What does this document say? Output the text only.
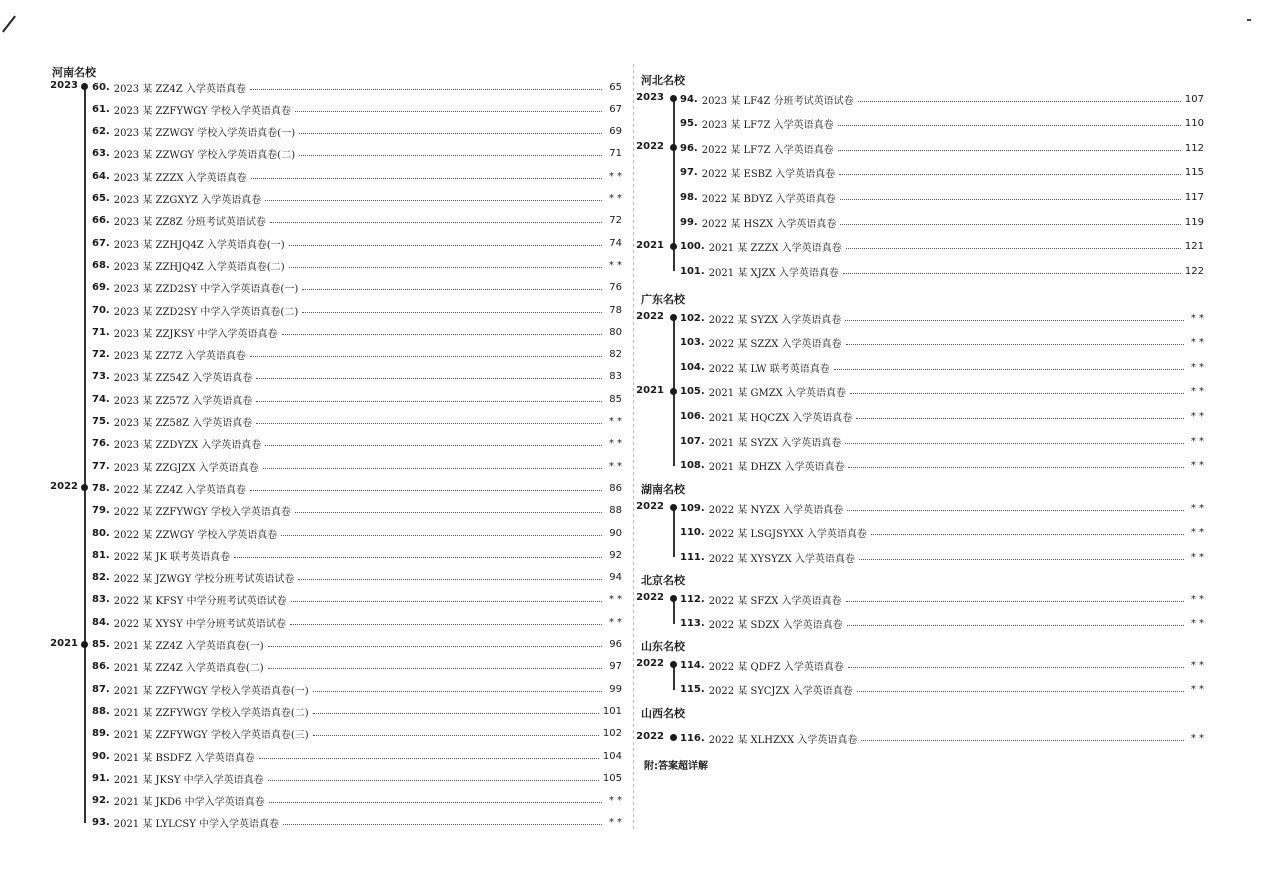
河南名校
2023
2022
2021
60. 2023 某 ZZ4Z 入学英语真卷	65
61. 2023 某 ZZFYWGY 学校入学英语真卷	67
62. 2023 某 ZZWGY 学校入学英语真卷(一)	69
63. 2023 某 ZZWGY 学校入学英语真卷(二)	71
64. 2023 某 ZZZX 入学英语真卷	* *
65. 2023 某 ZZGXYZ 入学英语真卷	* *
66. 2023 某 ZZ8Z 分班考试英语试卷	72
67. 2023 某 ZZHJQ4Z 入学英语真卷(一)	74
68. 2023 某 ZZHJQ4Z 入学英语真卷(二)	* *
69. 2023 某 ZZD2SY 中学入学英语真卷(一)	76
70. 2023 某 ZZD2SY 中学入学英语真卷(二)	78
71. 2023 某 ZZJKSY 中学入学英语真卷	80
72. 2023 某 ZZ7Z 入学英语真卷	82
73. 2023 某 ZZ54Z 入学英语真卷	83
74. 2023 某 ZZ57Z 入学英语真卷	85
75. 2023 某 ZZ58Z 入学英语真卷	* *
76. 2023 某 ZZDYZX 入学英语真卷	* *
77. 2023 某 ZZGJZX 入学英语真卷	* *
78. 2022 某 ZZ4Z 入学英语真卷	86
79. 2022 某 ZZFYWGY 学校入学英语真卷	88
80. 2022 某 ZZWGY 学校入学英语真卷	90
81. 2022 某 JK 联考英语真卷	92
82. 2022 某 JZWGY 学校分班考试英语试卷	94
83. 2022 某 KFSY 中学分班考试英语试卷	* *
84. 2022 某 XYSY 中学分班考试英语试卷	* *
85. 2021 某 ZZ4Z 入学英语真卷(一)	96
86. 2021 某 ZZ4Z 入学英语真卷(二)	97
87. 2021 某 ZZFYWGY 学校入学英语真卷(一)	99
88. 2021 某 ZZFYWGY 学校入学英语真卷(二)	101
89. 2021 某 ZZFYWGY 学校入学英语真卷(三)	102
90. 2021 某 BSDFZ 入学英语真卷	104
91. 2021 某 JKSY 中学入学英语真卷	105
92. 2021 某 JKD6 中学入学英语真卷	* *
93. 2021 某 LYLCSY 中学入学英语真卷	* *
河北名校
2023
2022
2021
94. 2023 某 LF4Z 分班考试英语试卷	107
95. 2023 某 LF7Z 入学英语真卷	110
96. 2022 某 LF7Z 入学英语真卷	112
97. 2022 某 ESBZ 入学英语真卷	115
98. 2022 某 BDYZ 入学英语真卷	117
99. 2022 某 HSZX 入学英语真卷	119
100. 2021 某 ZZZX 入学英语真卷	121
101. 2021 某 XJZX 入学英语真卷	122
广东名校
2022
2021
102. 2022 某 SYZX 入学英语真卷	* *
103. 2022 某 SZZX 入学英语真卷	* *
104. 2022 某 LW 联考英语真卷	* *
105. 2021 某 GMZX 入学英语真卷	* *
106. 2021 某 HQCZX 入学英语真卷	* *
107. 2021 某 SYZX 入学英语真卷	* *
108. 2021 某 DHZX 入学英语真卷	* *
湖南名校
2022 109. 2022 某 NYZX 入学英语真卷	* *
110. 2022 某 LSGJSYXX 入学英语真卷	* *
111. 2022 某 XYSYZX 入学英语真卷	* *
北京名校
2022 112. 2022 某 SFZX 入学英语真卷	* *
113. 2022 某 SDZX 入学英语真卷	* *
山东名校
2022 114. 2022 某 QDFZ 入学英语真卷	* *
115. 2022 某 SYCJZX 入学英语真卷	* *
山西名校
2022 116. 2022 某 XLHZXX 入学英语真卷	* *
附:答案超详解
